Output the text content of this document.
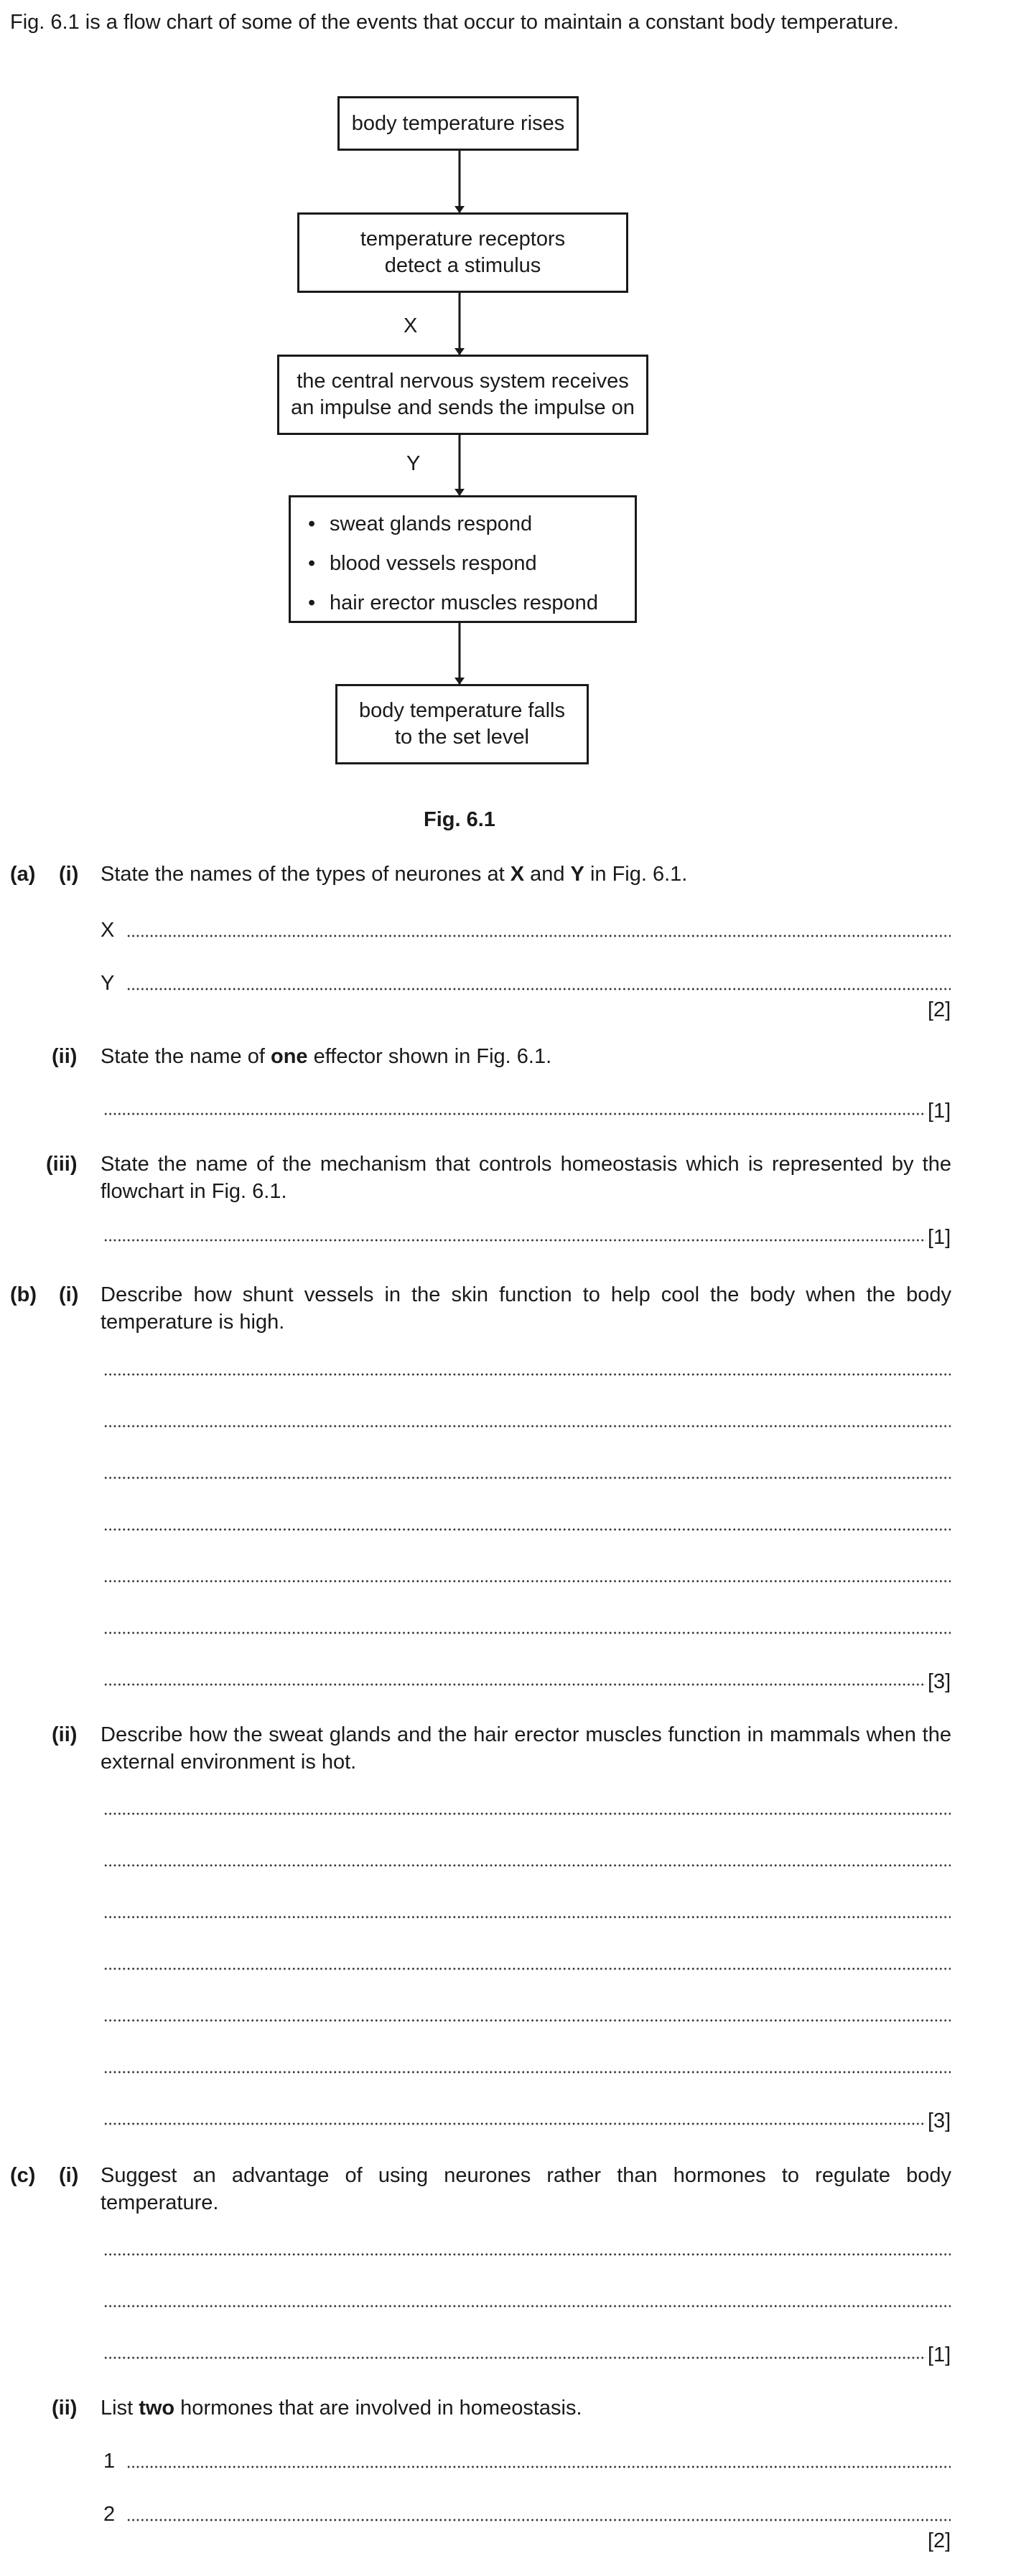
Fig. 6.1 is a flow chart of some of the events that occur to maintain a constant body temperature.
body temperature rises
temperature receptors
detect a stimulus
X
the central nervous system receives
an impulse and sends the impulse on
Y
• sweat glands respond
• blood vessels respond
• hair erector muscles respond
body temperature falls
to the set level
Fig. 6.1
(a) (i) State the names of the types of neurones at X and Y in Fig. 6.1.
X
Y
[2]
(ii) State the name of one effector shown in Fig. 6.1.
[1]
(iii) State the name of the mechanism that controls homeostasis which is represented by the flowchart in Fig. 6.1.
[1]
(b) (i) Describe how shunt vessels in the skin function to help cool the body when the body temperature is high.
[3]
(ii) Describe how the sweat glands and the hair erector muscles function in mammals when the external environment is hot.
[3]
(c) (i) Suggest an advantage of using neurones rather than hormones to regulate body temperature.
[1]
(ii) List two hormones that are involved in homeostasis.
1
2
[2]
